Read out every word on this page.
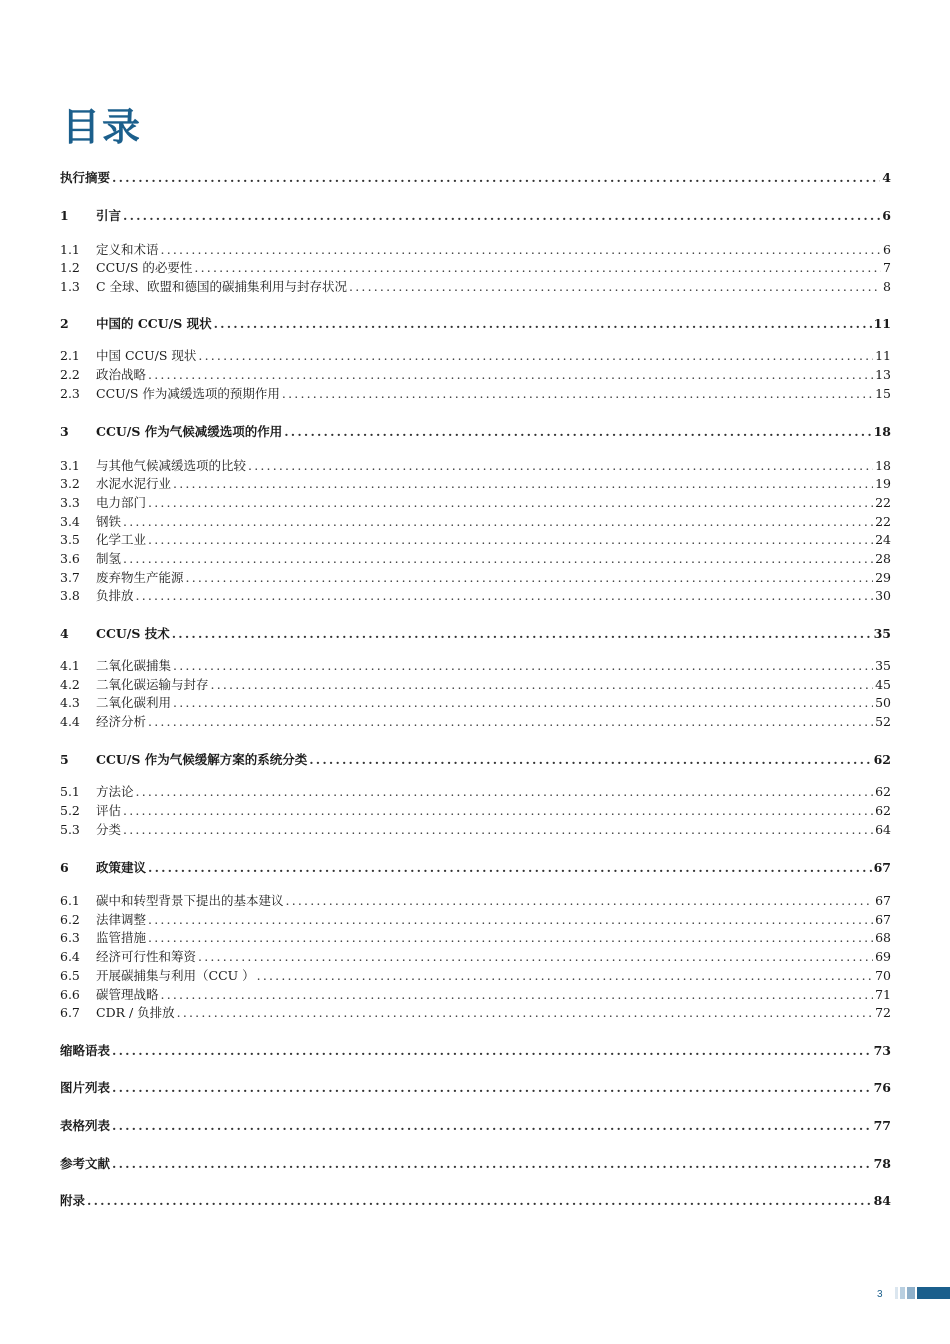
目录
执行摘要 .....	4
1	引言 .....	6
1.1	定义和术语 .....	6
1.2	CCU/S 的必要性 .....	7
1.3	C 全球、欧盟和德国的碳捕集利用与封存状况 .....	8
2	中国的 CCU/S 现状 .....	11
2.1	中国 CCU/S 现状 .....	11
2.2	政治战略 .....	13
2.3	CCU/S 作为减缓选项的预期作用 .....	15
3	CCU/S 作为气候减缓选项的作用 .....	18
3.1	与其他气候减缓选项的比较 .....	18
3.2	水泥水泥行业 .....	19
3.3	电力部门 .....	22
3.4	钢铁 .....	22
3.5	化学工业 .....	24
3.6	制氢 .....	28
3.7	废弃物生产能源 .....	29
3.8	负排放 .....	30
4	CCU/S 技术 .....	35
4.1	二氧化碳捕集 .....	35
4.2	二氧化碳运输与封存 .....	45
4.3	二氧化碳利用 .....	50
4.4	经济分析 .....	52
5	CCU/S 作为气候缓解方案的系统分类 .....	62
5.1	方法论 .....	62
5.2	评估 .....	62
5.3	分类 .....	64
6	政策建议 .....	67
6.1	碳中和转型背景下提出的基本建议 .....	67
6.2	法律调整 .....	67
6.3	监管措施 .....	68
6.4	经济可行性和筹资 .....	69
6.5	开展碳捕集与利用（CCU ） .....	70
6.6	碳管理战略 .....	71
6.7	CDR / 负排放 .....	72
缩略语表 .....	73
图片列表 .....	76
表格列表 .....	77
参考文献 .....	78
附录 .....	84
3
